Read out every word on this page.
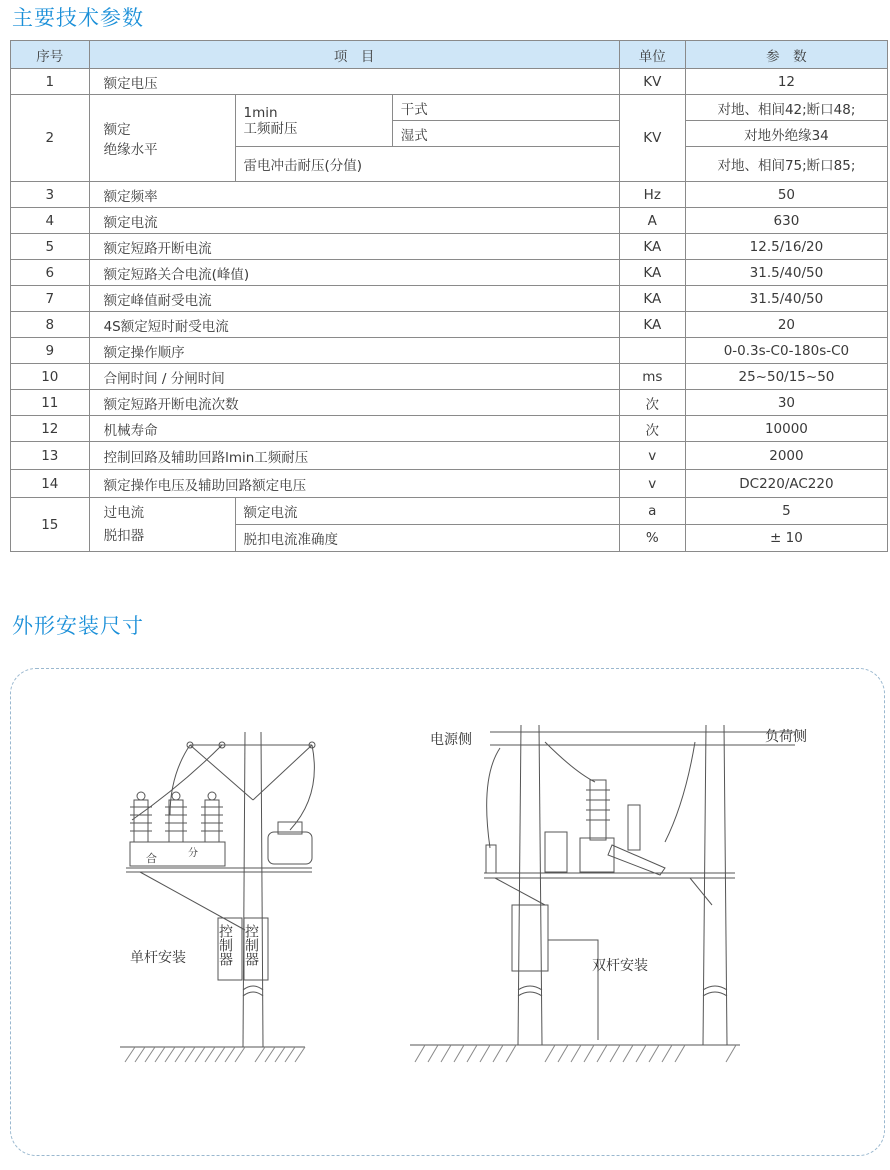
主要技术参数
序号	项　目			单位	参　数
1	额定电压			KV	12
2	额定
绝缘水平	1min
工频耐压	干式	KV	对地、相间42;断口48;
			湿式		对地外绝缘34
		雷电冲击耐压(分值)			对地、相间75;断口85;
3	额定频率			Hz	50
4	额定电流			A	630
5	额定短路开断电流			KA	12.5/16/20
6	额定短路关合电流(峰值)			KA	31.5/40/50
7	额定峰值耐受电流			KA	31.5/40/50
8	4S额定短时耐受电流			KA	20
9	额定操作顺序				0-0.3s-C0-180s-C0
10	合闸时间 / 分闸时间			ms	25~50/15~50
11	额定短路开断电流次数			次	30
12	机械寿命			次	10000
13	控制回路及辅助回路lmin工频耐压			v	2000
14	额定操作电压及辅助回路额定电压			v	DC220/AC220
15	过电流
脱扣器	额定电流		a	5
		脱扣电流准确度		%	± 10
外形安装尺寸
合	分
控制器 控制器
单杆安装
电源侧	负荷侧
双杆安装
